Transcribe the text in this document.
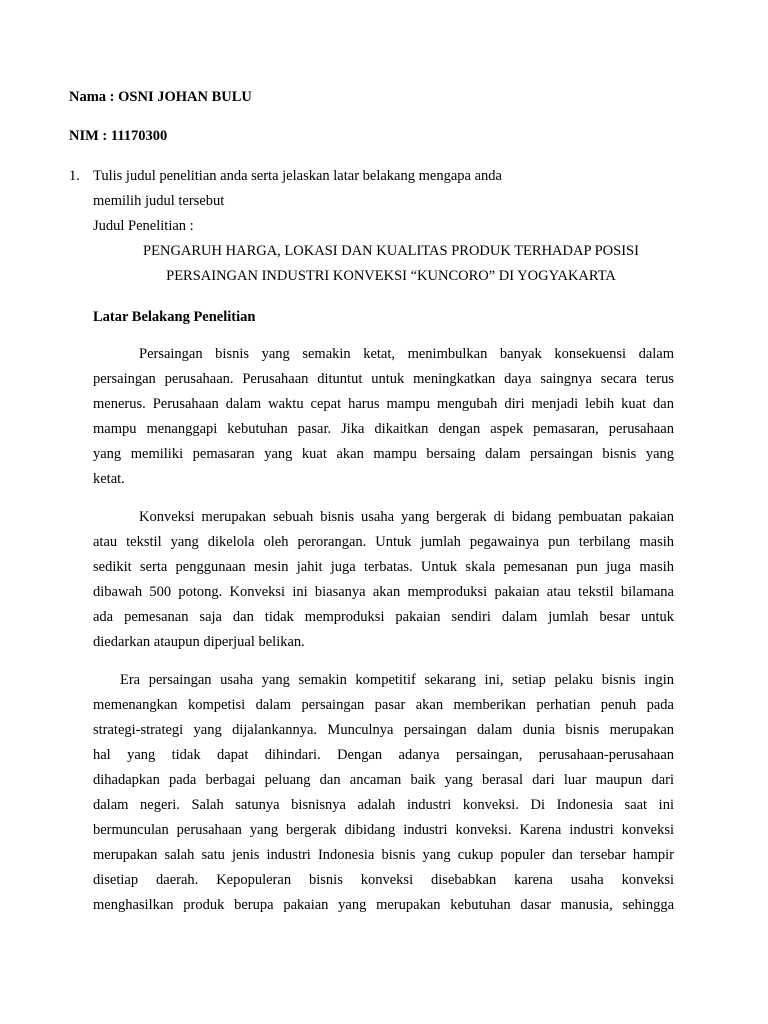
Nama : OSNI JOHAN BULU
NIM : 11170300
1. Tulis judul penelitian anda serta jelaskan latar belakang mengapa anda
memilih judul tersebut
Judul Penelitian :
PENGARUH HARGA, LOKASI DAN KUALITAS PRODUK TERHADAP POSISI
PERSAINGAN INDUSTRI KONVEKSI “KUNCORO” DI YOGYAKARTA
Latar Belakang Penelitian
Persaingan bisnis yang semakin ketat, menimbulkan banyak konsekuensi dalam
persaingan perusahaan. Perusahaan dituntut untuk meningkatkan daya saingnya secara terus
menerus. Perusahaan dalam waktu cepat harus mampu mengubah diri menjadi lebih kuat dan
mampu menanggapi kebutuhan pasar. Jika dikaitkan dengan aspek pemasaran, perusahaan
yang memiliki pemasaran yang kuat akan mampu bersaing dalam persaingan bisnis yang
ketat.
Konveksi merupakan sebuah bisnis usaha yang bergerak di bidang pembuatan pakaian
atau tekstil yang dikelola oleh perorangan. Untuk jumlah pegawainya pun terbilang masih
sedikit serta penggunaan mesin jahit juga terbatas. Untuk skala pemesanan pun juga masih
dibawah 500 potong. Konveksi ini biasanya akan memproduksi pakaian atau tekstil bilamana
ada pemesanan saja dan tidak memproduksi pakaian sendiri dalam jumlah besar untuk
diedarkan ataupun diperjual belikan.
Era persaingan usaha yang semakin kompetitif sekarang ini, setiap pelaku bisnis ingin
memenangkan kompetisi dalam persaingan pasar akan memberikan perhatian penuh pada
strategi-strategi yang dijalankannya. Munculnya persaingan dalam dunia bisnis merupakan
hal yang tidak dapat dihindari. Dengan adanya persaingan, perusahaan-perusahaan
dihadapkan pada berbagai peluang dan ancaman baik yang berasal dari luar maupun dari
dalam negeri. Salah satunya bisnisnya adalah industri konveksi. Di Indonesia saat ini
bermunculan perusahaan yang bergerak dibidang industri konveksi. Karena industri konveksi
merupakan salah satu jenis industri Indonesia bisnis yang cukup populer dan tersebar hampir
disetiap daerah. Kepopuleran bisnis konveksi disebabkan karena usaha konveksi
menghasilkan produk berupa pakaian yang merupakan kebutuhan dasar manusia, sehingga
